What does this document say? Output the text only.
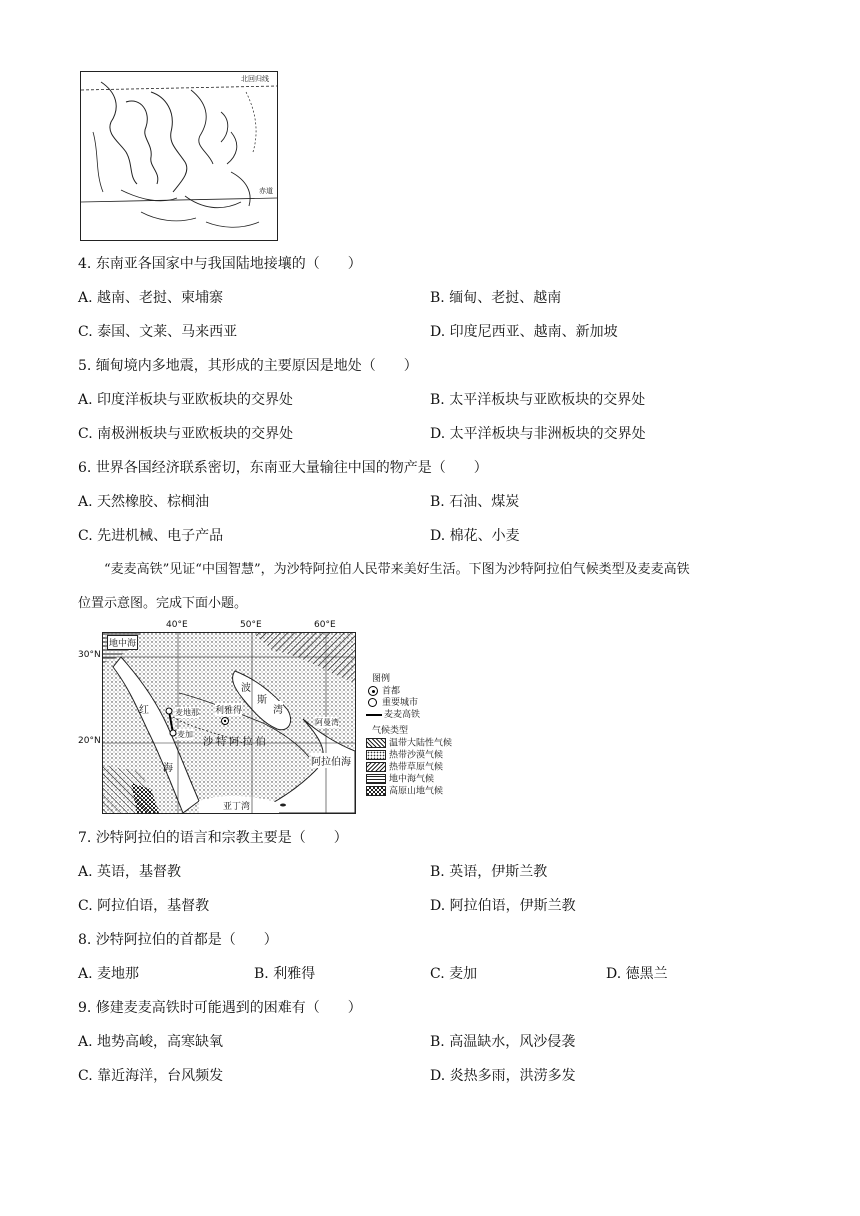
北回归线
赤道
4. 东南亚各国家中与我国陆地接壤的（　　）
A. 越南、老挝、柬埔寨	B. 缅甸、老挝、越南
C. 泰国、文莱、马来西亚	D. 印度尼西亚、越南、新加坡
5. 缅甸境内多地震，其形成的主要原因是地处（　　）
A. 印度洋板块与亚欧板块的交界处	B. 太平洋板块与亚欧板块的交界处
C. 南极洲板块与亚欧板块的交界处	D. 太平洋板块与非洲板块的交界处
6. 世界各国经济联系密切，东南亚大量输往中国的物产是（　　）
A. 天然橡胶、棕榈油	B. 石油、煤炭
C. 先进机械、电子产品	D. 棉花、小麦
“麦麦高铁”见证“中国智慧”，为沙特阿拉伯人民带来美好生活。下图为沙特阿拉伯气候类型及麦麦高铁
位置示意图。完成下面小题。
40°E	50°E	60°E
30°N
20°N
地中海
红
海
利雅得
波
斯
湾
阿曼湾
麦地那
麦加
沙 特 阿 拉 伯
阿拉伯海
亚丁湾
图例
首都
重要城市
麦麦高铁
气候类型
温带大陆性气候
热带沙漠气候
热带草原气候
地中海气候
高原山地气候
7. 沙特阿拉伯的语言和宗教主要是（　　）
A. 英语，基督教	B. 英语，伊斯兰教
C. 阿拉伯语，基督教	D. 阿拉伯语，伊斯兰教
8. 沙特阿拉伯的首都是（　　）
A. 麦地那	B. 利雅得	C. 麦加	D. 德黑兰
9. 修建麦麦高铁时可能遇到的困难有（　　）
A. 地势高峻，高寒缺氧	B. 高温缺水，风沙侵袭
C. 靠近海洋，台风频发	D. 炎热多雨，洪涝多发
